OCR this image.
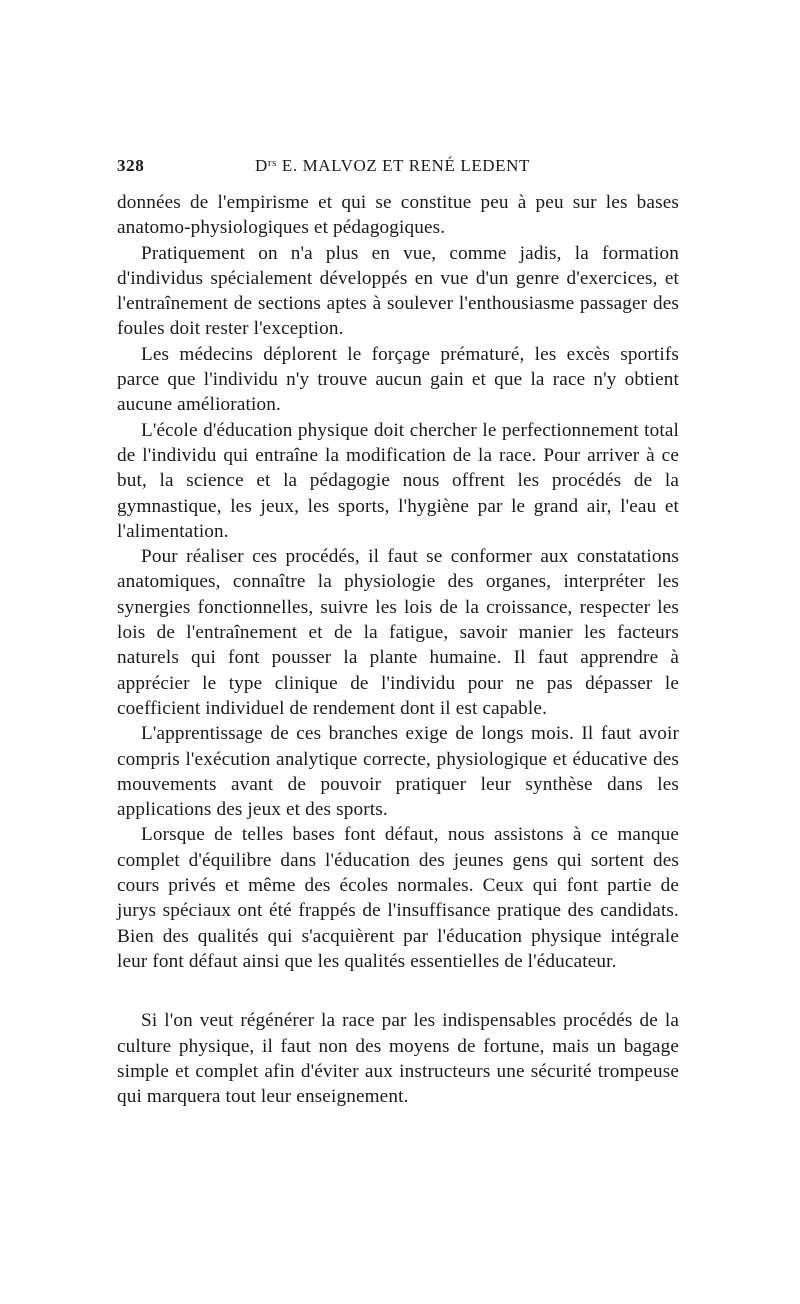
328	$D^{rs}$ E. MALVOZ ET RENÉ LEDENT

données de l'empirisme et qui se constitue peu à peu sur les bases anatomo-physiologiques et pédagogiques.

Pratiquement on n'a plus en vue, comme jadis, la formation d'individus spécialement développés en vue d'un genre d'exercices, et l'entraînement de sections aptes à soulever l'enthousiasme passager des foules doit rester l'exception.

Les médecins déplorent le forçage prématuré, les excès sportifs parce que l'individu n'y trouve aucun gain et que la race n'y obtient aucune amélioration.

L'école d'éducation physique doit chercher le perfectionnement total de l'individu qui entraîne la modification de la race. Pour arriver à ce but, la science et la pédagogie nous offrent les procédés de la gymnastique, les jeux, les sports, l'hygiène par le grand air, l'eau et l'alimentation.

Pour réaliser ces procédés, il faut se conformer aux constatations anatomiques, connaître la physiologie des organes, interpréter les synergies fonctionnelles, suivre les lois de la croissance, respecter les lois de l'entraînement et de la fatigue, savoir manier les facteurs naturels qui font pousser la plante humaine. Il faut apprendre à apprécier le type clinique de l'individu pour ne pas dépasser le coefficient individuel de rendement dont il est capable.

L'apprentissage de ces branches exige de longs mois. Il faut avoir compris l'exécution analytique correcte, physiologique et éducative des mouvements avant de pouvoir pratiquer leur synthèse dans les applications des jeux et des sports.

Lorsque de telles bases font défaut, nous assistons à ce manque complet d'équilibre dans l'éducation des jeunes gens qui sortent des cours privés et même des écoles normales. Ceux qui font partie de jurys spéciaux ont été frappés de l'insuffisance pratique des candidats. Bien des qualités qui s'acquièrent par l'éducation physique intégrale leur font défaut ainsi que les qualités essentielles de l'éducateur.

Si l'on veut régénérer la race par les indispensables procédés de la culture physique, il faut non des moyens de fortune, mais un bagage simple et complet afin d'éviter aux instructeurs une sécurité trompeuse qui marquera tout leur enseignement.
